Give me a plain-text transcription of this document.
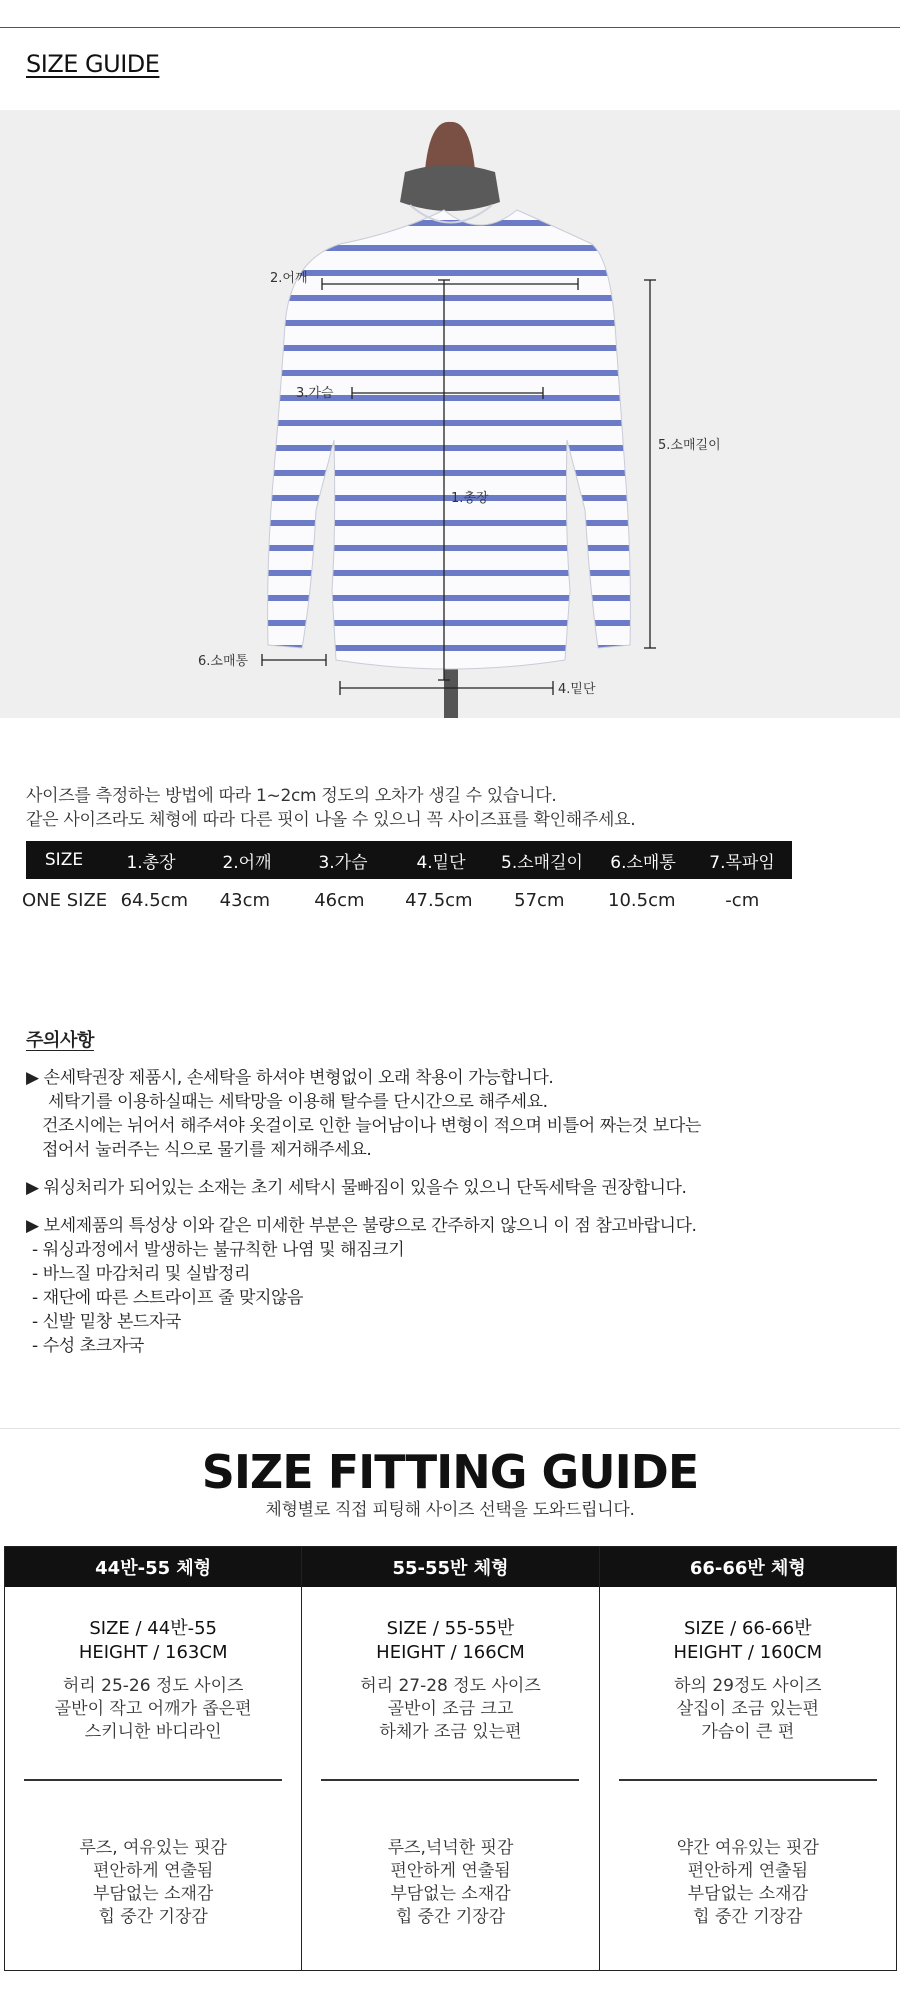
SIZE GUIDE
1.총장
2.어깨
3.가슴
4.밑단
5.소매길이
6.소매통

사이즈를 측정하는 방법에 따라 1~2cm 정도의 오차가 생길 수 있습니다.

같은 사이즈라도 체형에 따라 다른 핏이 나올 수 있으니 꼭 사이즈표를 확인해주세요.

SIZE	1.총장	2.어깨	3.가슴	4.밑단	5.소매길이	6.소매통	7.목파임
ONE SIZE 64.5cm	43cm	46cm	47.5cm	57cm	10.5cm	-cm
주의사항
▶ 손세탁권장 제품시, 손세탁을 하셔야 변형없이 오래 착용이 가능합니다.
세탁기를 이용하실때는 세탁망을 이용해 탈수를 단시간으로 해주세요.
건조시에는 뉘어서 해주셔야 옷걸이로 인한 늘어남이나 변형이 적으며 비틀어 짜는것 보다는
접어서 눌러주는 식으로 물기를 제거해주세요.
▶ 워싱처리가 되어있는 소재는 초기 세탁시 물빠짐이 있을수 있으니 단독세탁을 권장합니다.
▶ 보세제품의 특성상 이와 같은 미세한 부분은 불량으로 간주하지 않으니 이 점 참고바랍니다.
- 워싱과정에서 발생하는 불규칙한 나염 및 해짐크기
- 바느질 마감처리 및 실밥정리
- 재단에 따른 스트라이프 줄 맞지않음
- 신발 밑창 본드자국
- 수성 초크자국
SIZE FITTING GUIDE
체형별로 직접 피팅해 사이즈 선택을 도와드립니다.
44반-55 체형
SIZE / 44반-55
HEIGHT / 163CM
허리 25-26 정도 사이즈
골반이 작고 어깨가 좁은편
스키니한 바디라인
루즈, 여유있는 핏감
편안하게 연출됨
부담없는 소재감
힙 중간 기장감
55-55반 체형
SIZE / 55-55반
HEIGHT / 166CM
허리 27-28 정도 사이즈
골반이 조금 크고
하체가 조금 있는편
루즈,넉넉한 핏감
편안하게 연출됨
부담없는 소재감
힙 중간 기장감
66-66반 체형
SIZE / 66-66반
HEIGHT / 160CM
하의 29정도 사이즈
살집이 조금 있는편
가슴이 큰 편
약간 여유있는 핏감
편안하게 연출됨
부담없는 소재감
힙 중간 기장감
